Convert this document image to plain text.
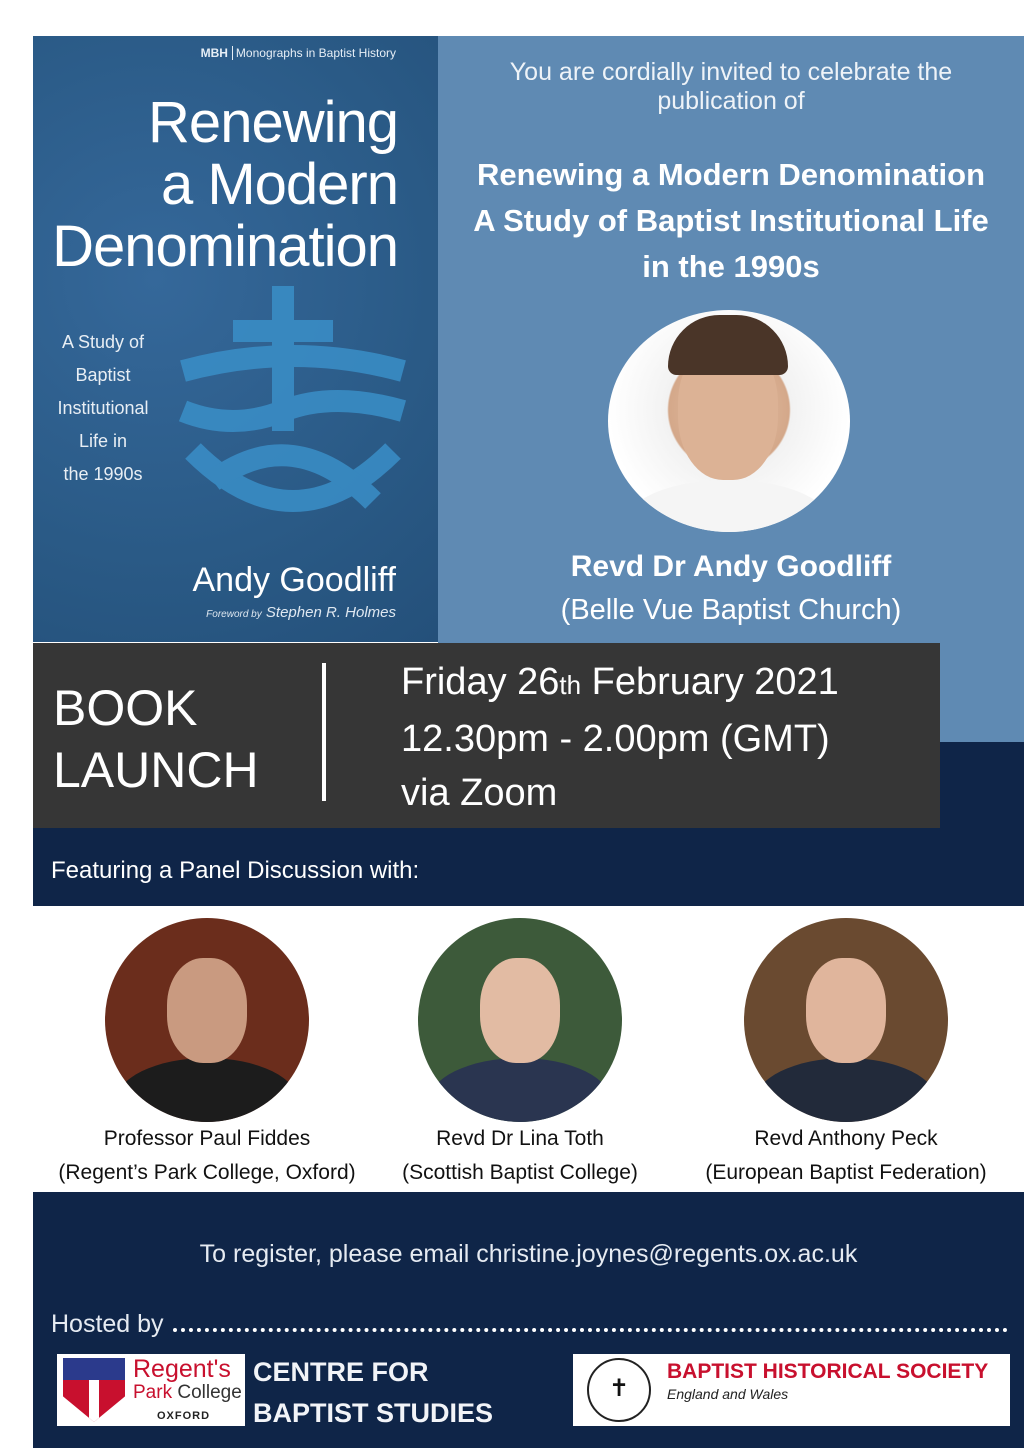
MBH Monographs in Baptist History
Renewing
a Modern
Denomination
A Study of
Baptist
Institutional
Life in
the 1990s
Andy Goodliff
Foreword by Stephen R. Holmes
You are cordially invited to celebrate the publication of
Renewing a Modern Denomination
A Study of Baptist Institutional Life
in the 1990s
Revd Dr Andy Goodliff
(Belle Vue Baptist Church)
BOOK
LAUNCH
Friday 26th February 2021
12.30pm - 2.00pm (GMT)
via Zoom
Featuring a Panel Discussion with:
Professor Paul Fiddes
(Regent’s Park College, Oxford)
Revd Dr Lina Toth
(Scottish Baptist College)
Revd Anthony Peck
(European Baptist Federation)
To register, please email christine.joynes@regents.ox.ac.uk
Hosted by
Regent's
Park College
OXFORD
CENTRE FOR
BAPTIST STUDIES
✝
BAPTIST HISTORICAL SOCIETY
England and Wales
